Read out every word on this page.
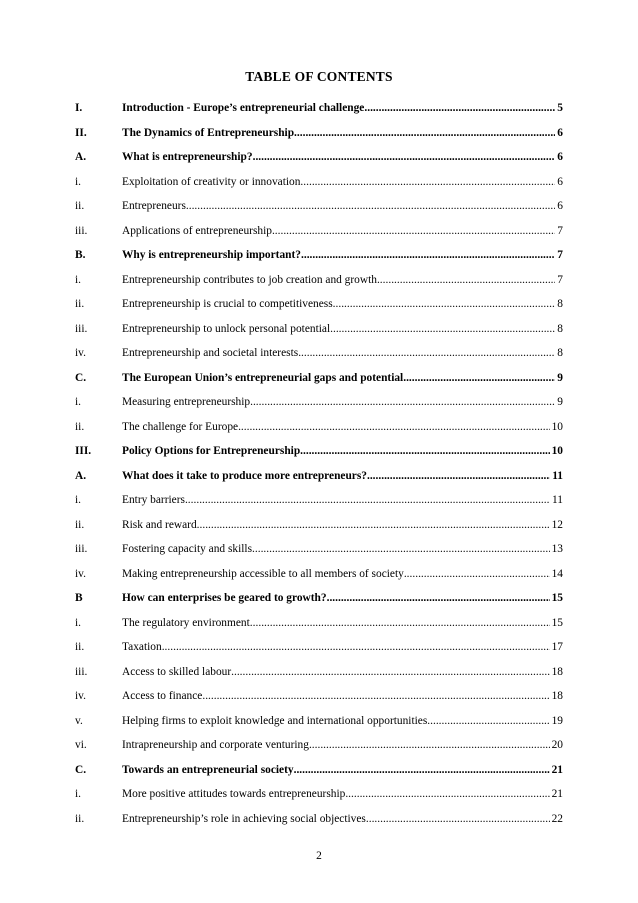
TABLE OF CONTENTS
I.	Introduction - Europe’s entrepreneurial challenge .....	5
II.	The Dynamics of Entrepreneurship .....	6
A.	What is entrepreneurship? .....	6
i.	Exploitation of creativity or innovation .....	6
ii.	Entrepreneurs .....	6
iii.	Applications of entrepreneurship .....	7
B.	Why is entrepreneurship important? .....	7
i.	Entrepreneurship contributes to job creation and growth .....	7
ii.	Entrepreneurship is crucial to competitiveness. .....	8
iii.	Entrepreneurship to unlock personal potential. .....	8
iv.	Entrepreneurship and societal interests .....	8
C.	The European Union’s entrepreneurial gaps and potential .....	9
i.	Measuring entrepreneurship. .....	9
ii.	The challenge for Europe .....	10
III.	Policy Options for Entrepreneurship .....	10
A.	What does it take to produce more entrepreneurs? .....	11
i.	Entry barriers .....	11
ii.	Risk and reward. .....	12
iii.	Fostering capacity and skills .....	13
iv.	Making entrepreneurship accessible to all members of society .....	14
B	How can enterprises be geared to growth? .....	15
i.	The regulatory environment .....	15
ii.	Taxation .....	17
iii.	Access to skilled labour .....	18
iv.	Access to finance. .....	18
v.	Helping firms to exploit knowledge and international opportunities .....	19
vi.	Intrapreneurship and corporate venturing .....	20
C.	Towards an entrepreneurial society .....	21
i.	More positive attitudes towards entrepreneurship .....	21
ii.	Entrepreneurship’s role in achieving social objectives .....	22
2
